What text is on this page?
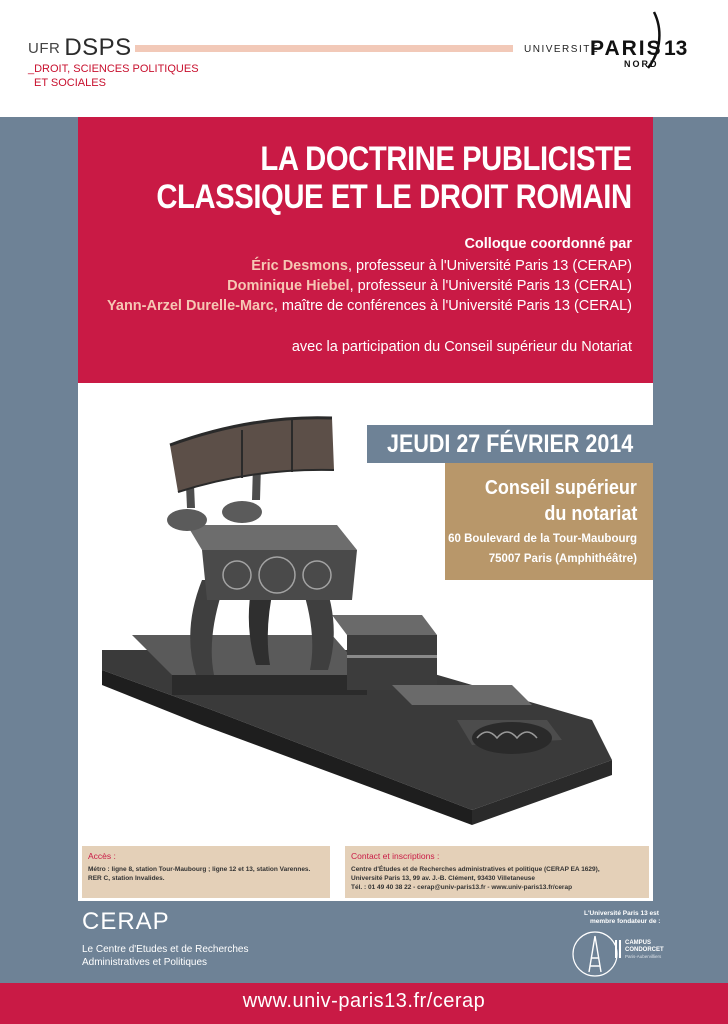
UFR DSPS
_DROIT, SCIENCES POLITIQUES
ET SOCIALES
UNIVERSITÉ
PARIS 13
NORD
LA DOCTRINE PUBLICISTE
CLASSIQUE ET LE DROIT ROMAIN
Colloque coordonné par
Éric Desmons, professeur à l'Université Paris 13 (CERAP)
Dominique Hiebel, professeur à l'Université Paris 13 (CERAL)
Yann-Arzel Durelle-Marc, maître de conférences à l'Université Paris 13 (CERAL)
avec la participation du Conseil supérieur du Notariat
JEUDI 27 FÉVRIER 2014
Conseil supérieur
du notariat
60 Boulevard de la Tour-Maubourg
75007 Paris (Amphithéâtre)
Accès :
Métro : ligne 8, station Tour-Maubourg ; ligne 12 et 13, station Varennes.
RER C, station Invalides.
Contact et inscriptions :
Centre d'Études et de Recherches administratives et politique (CERAP EA 1629),
Université Paris 13, 99 av. J.-B. Clément, 93430 Villetaneuse
Tél. : 01 49 40 38 22 - cerap@univ-paris13.fr - www.univ-paris13.fr/cerap
CERAP
Le Centre d'Etudes et de Recherches
Administratives et Politiques
L'Université Paris 13 est
membre fondateur de :
CAMPUS
CONDORCET
Paris-Aubervilliers
www.univ-paris13.fr/cerap
